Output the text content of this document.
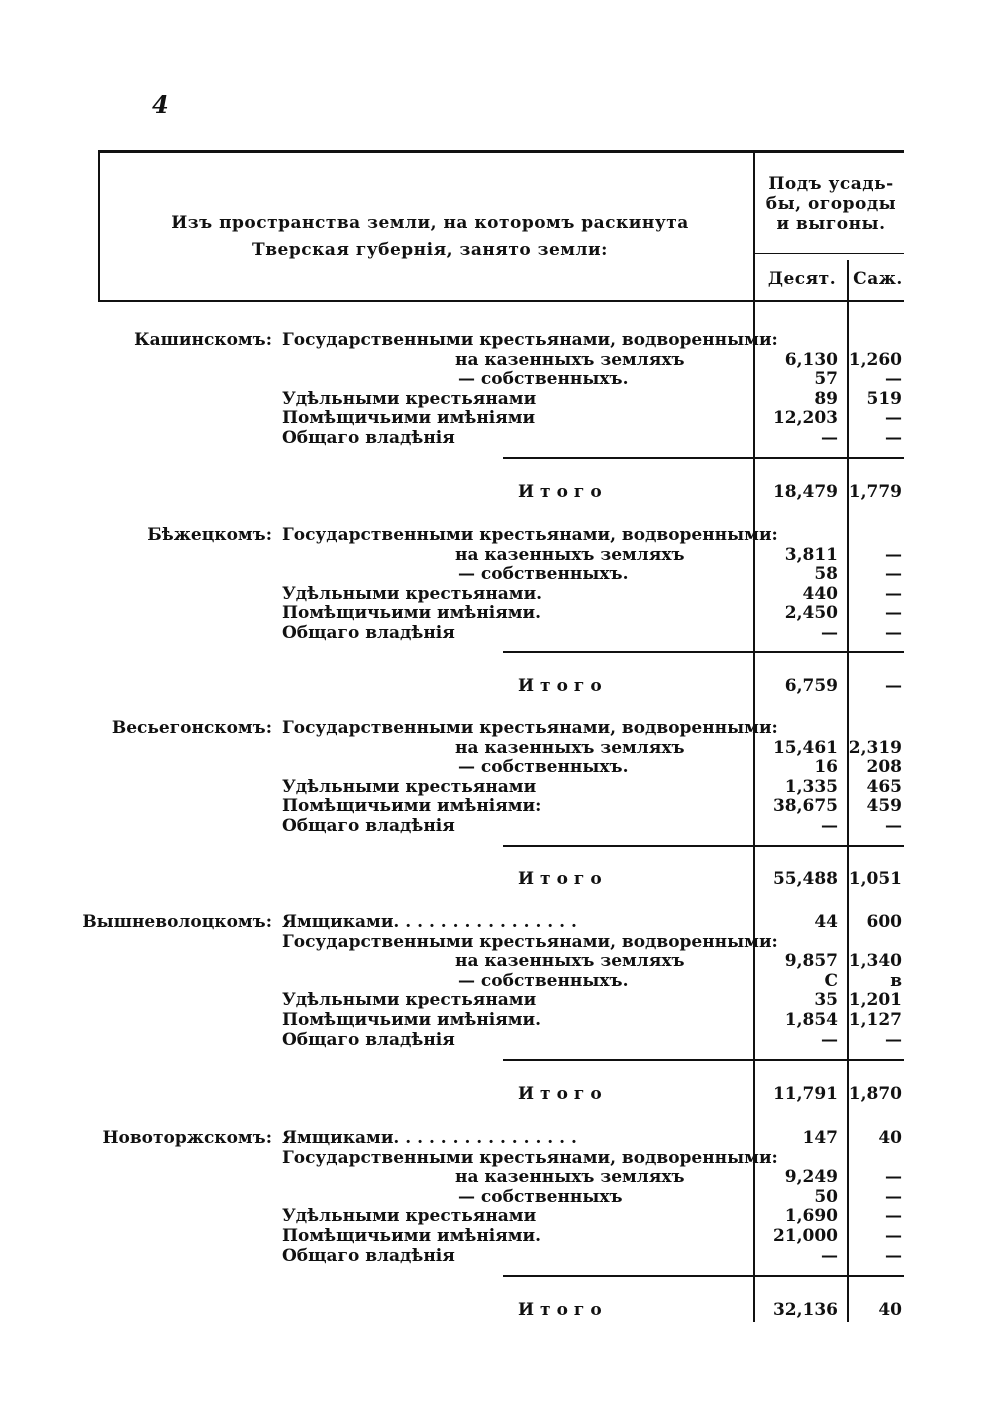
4
Изъ пространства земли, на которомъ раскинута
Тверская губернія, занято земли:
Подъ усадь-
бы, огороды
и выгоны.
Десят.	Саж.
Кашинскомъ: Государственными крестьянами, водворенными:
на казенныхъ земляхъ	6,130 1,260
— собственныхъ.	57	—
Удѣльными крестьянами	89 519
Помѣщичьими имѣніями	12,203	—
Общаго владѣнія	—	—
Итого	18,479 1,779
Бѣжецкомъ: Государственными крестьянами, водворенными:
на казенныхъ земляхъ	3,811	—
— собственныхъ.	58	—
Удѣльными крестьянами.	440	—
Помѣщичьими имѣніями.	2,450	—
Общаго владѣнія	—	—
Итого	6,759	—
Весьегонскомъ: Государственными крестьянами, водворенными:
на казенныхъ земляхъ	15,461 2,319
— собственныхъ.	16 208
Удѣльными крестьянами	1,335 465
Помѣщичьими имѣніями:	38,675 459
Общаго владѣнія	—	—
Итого	55,488 1,051
Вышневолоцкомъ: Ямщиками. . . . . . . . . . . . . . . .	44 600
Государственными крестьянами, водворенными:
на казенныхъ земляхъ	9,857 1,340
— собственныхъ.	С	в
Удѣльными крестьянами	35 1,201
Помѣщичьими имѣніями.	1,854 1,127
Общаго владѣнія	—	—
Итого	11,791 1,870
Новоторжскомъ: Ямщиками. . . . . . . . . . . . . . . .	147 40
Государственными крестьянами, водворенными:
на казенныхъ земляхъ	9,249	—
— собственныхъ	50	—
Удѣльными крестьянами	1,690	—
Помѣщичьими имѣніями.	21,000	—
Общаго владѣнія	—	—
Итого	32,136 40
